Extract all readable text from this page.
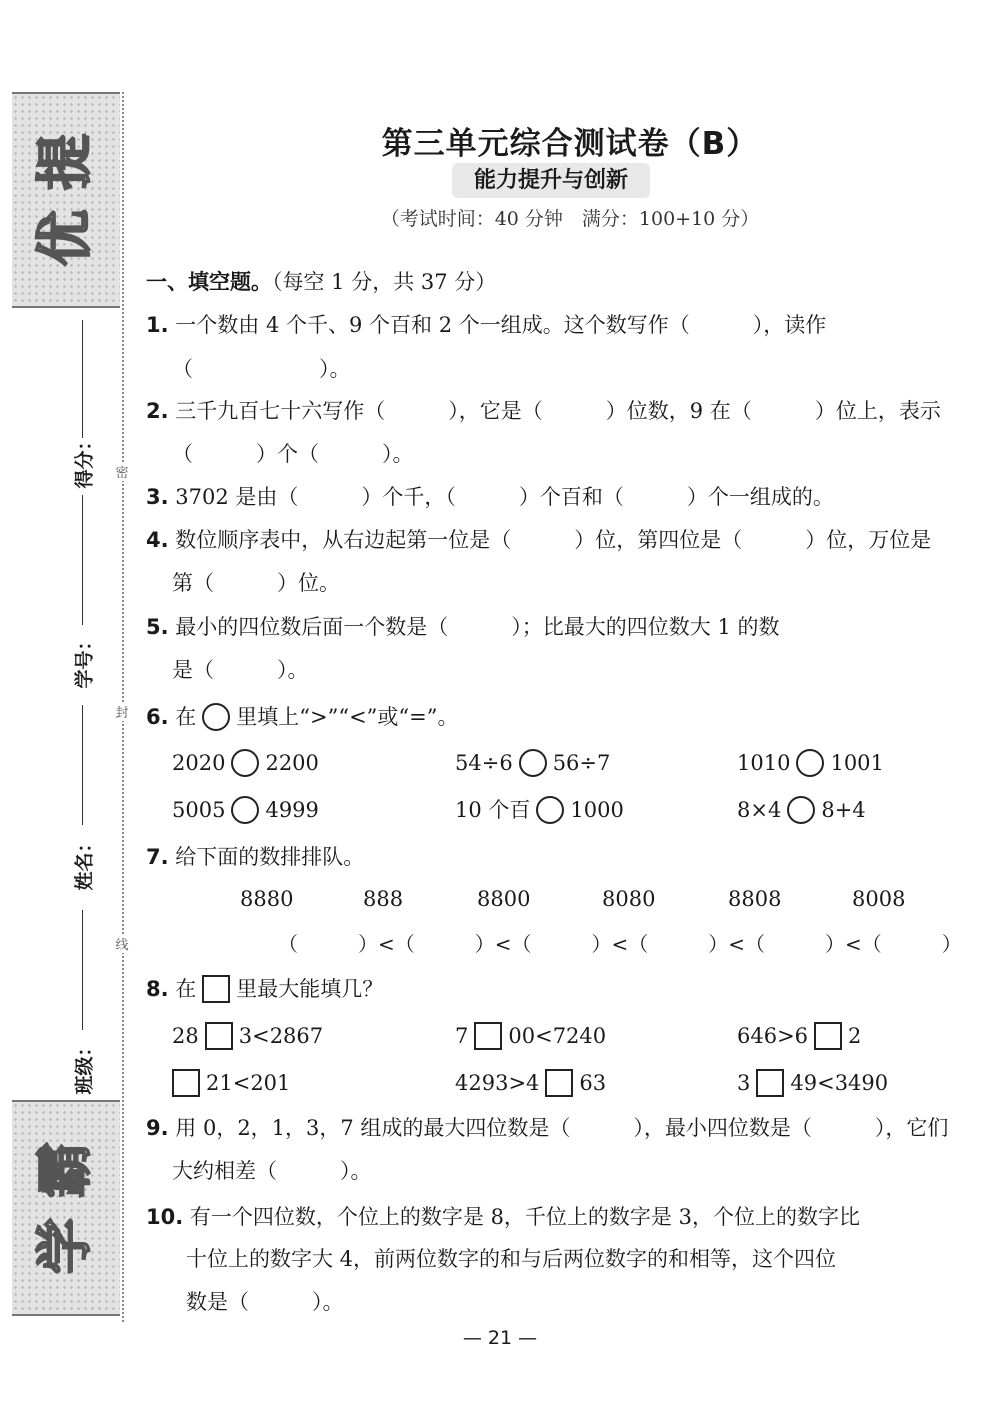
提
优
霸
学
得分：
学号：
姓名：
班级：
密
封
线
第三单元综合测试卷（B）
能力提升与创新
（考试时间：40 分钟　满分：100+10 分）
一、填空题。（每空 1 分，共 37 分）
1. 一个数由 4 个千、9 个百和 2 个一组成。这个数写作（　　　），读作
（　　　　　　）。
2. 三千九百七十六写作（　　　），它是（　　　）位数，9 在（　　　）位上，表示
（　　　）个（　　　）。
3. 3702 是由（　　　）个千，（　　　）个百和（　　　）个一组成的。
4. 数位顺序表中，从右边起第一位是（　　　）位，第四位是（　　　）位，万位是
第（　　　）位。
5. 最小的四位数后面一个数是（　　　）；比最大的四位数大 1 的数
是（　　　）。
6.
在 里填上“>”“<”或“=”。
2020 2200	54÷6 56÷7	1010 1001
5005 4999	10 个百 1000	8×4 8+4
7. 给下面的数排排队。
8880	888	8800	8080	8808	8008
（　　　）<（　　　）<（　　　）<（　　　）<（　　　）<（　　　）
8.
在 里最大能填几？
28 3<2867	7 00<7240	646>6 2
21<201	4293>4 63	3 49<3490
9. 用 0，2，1，3，7 组成的最大四位数是（　　　），最小四位数是（　　　），它们
大约相差（　　　）。
10. 有一个四位数，个位上的数字是 8，千位上的数字是 3，个位上的数字比
十位上的数字大 4，前两位数字的和与后两位数字的和相等，这个四位
数是（　　　）。
— 21 —
